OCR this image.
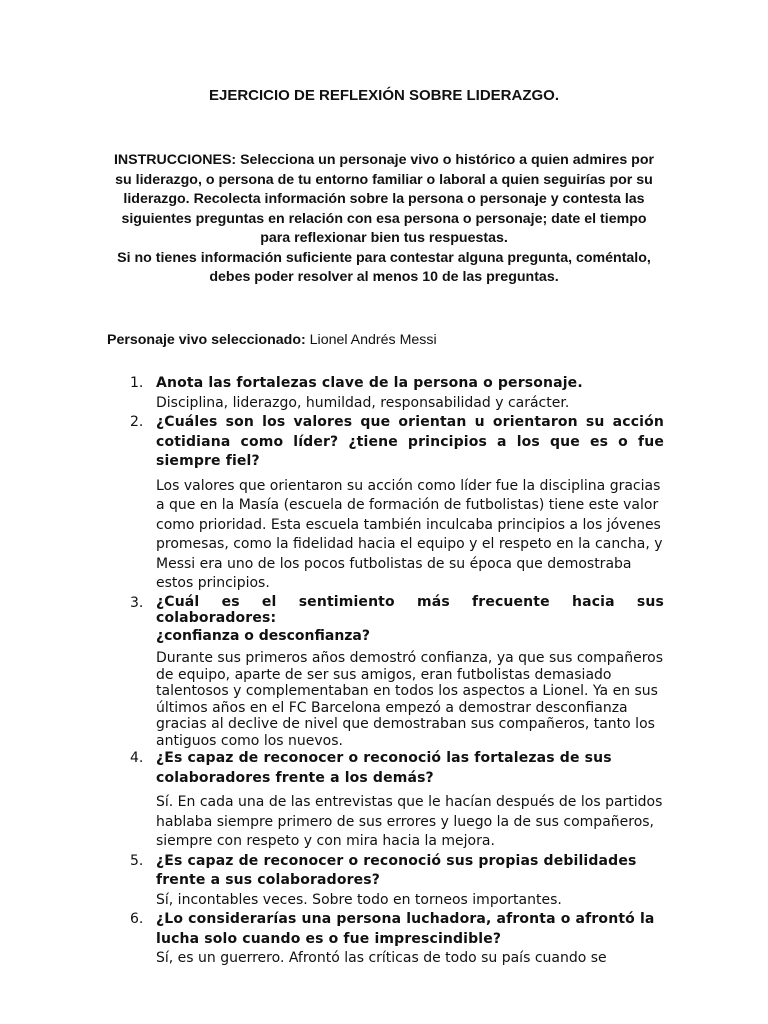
EJERCICIO DE REFLEXIÓN SOBRE LIDERAZGO.

INSTRUCCIONES: Selecciona un personaje vivo o histórico a quien admires por su liderazgo, o persona de tu entorno familiar o laboral a quien seguirías por su liderazgo. Recolecta información sobre la persona o personaje y contesta las siguientes preguntas en relación con esa persona o personaje; date el tiempo para reflexionar bien tus respuestas.

Si no tienes información suficiente para contestar alguna pregunta, coméntalo, debes poder resolver al menos 10 de las preguntas.

Personaje vivo seleccionado: Lionel Andrés Messi

1. Anota las fortalezas clave de la persona o personaje.

Disciplina, liderazgo, humildad, responsabilidad y carácter.

2. ¿Cuáles son los valores que orientan u orientaron su acción cotidiana como líder? ¿tiene principios a los que es o fue siempre fiel?

Los valores que orientaron su acción como líder fue la disciplina gracias a que en la Masía (escuela de formación de futbolistas) tiene este valor como prioridad. Esta escuela también inculcaba principios a los jóvenes promesas, como la fidelidad hacia el equipo y el respeto en la cancha, y Messi era uno de los pocos futbolistas de su época que demostraba estos principios.

3. ¿Cuál es el sentimiento más frecuente hacia sus colaboradores:

¿confianza o desconfianza?

Durante sus primeros años demostró confianza, ya que sus compañeros de equipo, aparte de ser sus amigos, eran futbolistas demasiado talentosos y complementaban en todos los aspectos a Lionel. Ya en sus últimos años en el FC Barcelona empezó a demostrar desconfianza gracias al declive de nivel que demostraban sus compañeros, tanto los antiguos como los nuevos.

4. ¿Es capaz de reconocer o reconoció las fortalezas de sus colaboradores frente a los demás?

Sí. En cada una de las entrevistas que le hacían después de los partidos hablaba siempre primero de sus errores y luego la de sus compañeros, siempre con respeto y con mira hacia la mejora.

5. ¿Es capaz de reconocer o reconoció sus propias debilidades frente a sus colaboradores?

Sí, incontables veces. Sobre todo en torneos importantes.

6. ¿Lo considerarías una persona luchadora, afronta o afrontó la lucha solo cuando es o fue imprescindible?

Sí, es un guerrero. Afrontó las críticas de todo su país cuando se
